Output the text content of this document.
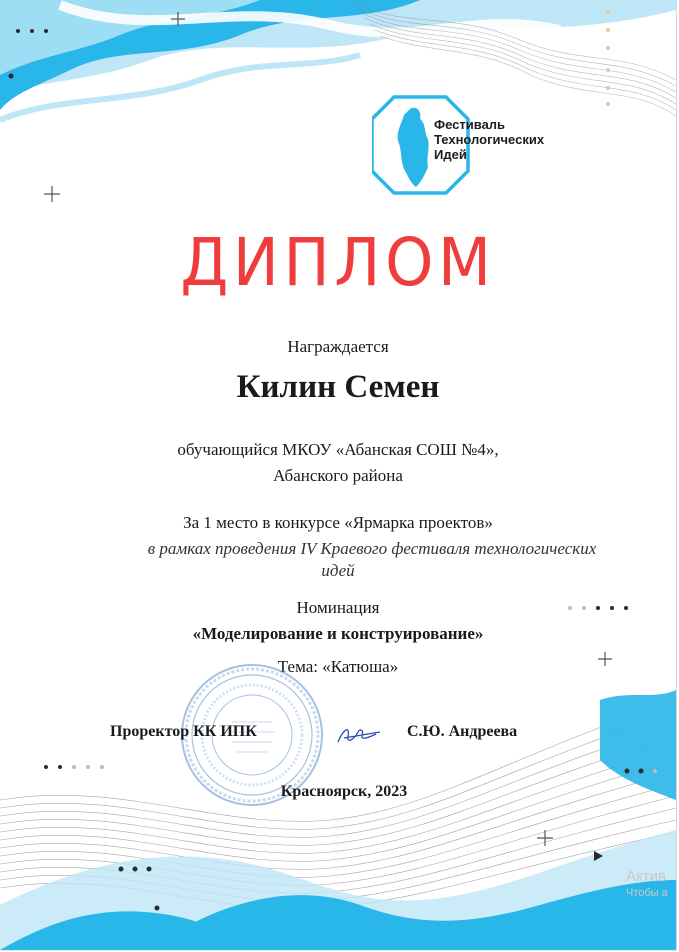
Фестиваль
Технологических
Идей
ДИПЛОМ
Награждается
Килин Семен
обучающийся МКОУ «Абанская СОШ №4»,
Абанского района
За 1 место в конкурсе «Ярмарка проектов»
в рамках проведения IV Краевого фестиваля технологических
идей
Номинация
«Моделирование и конструирование»
Тема: «Катюша»
Проректор КК ИПК	С.Ю. Андреева
Красноярск, 2023
Актив
Чтобы а
